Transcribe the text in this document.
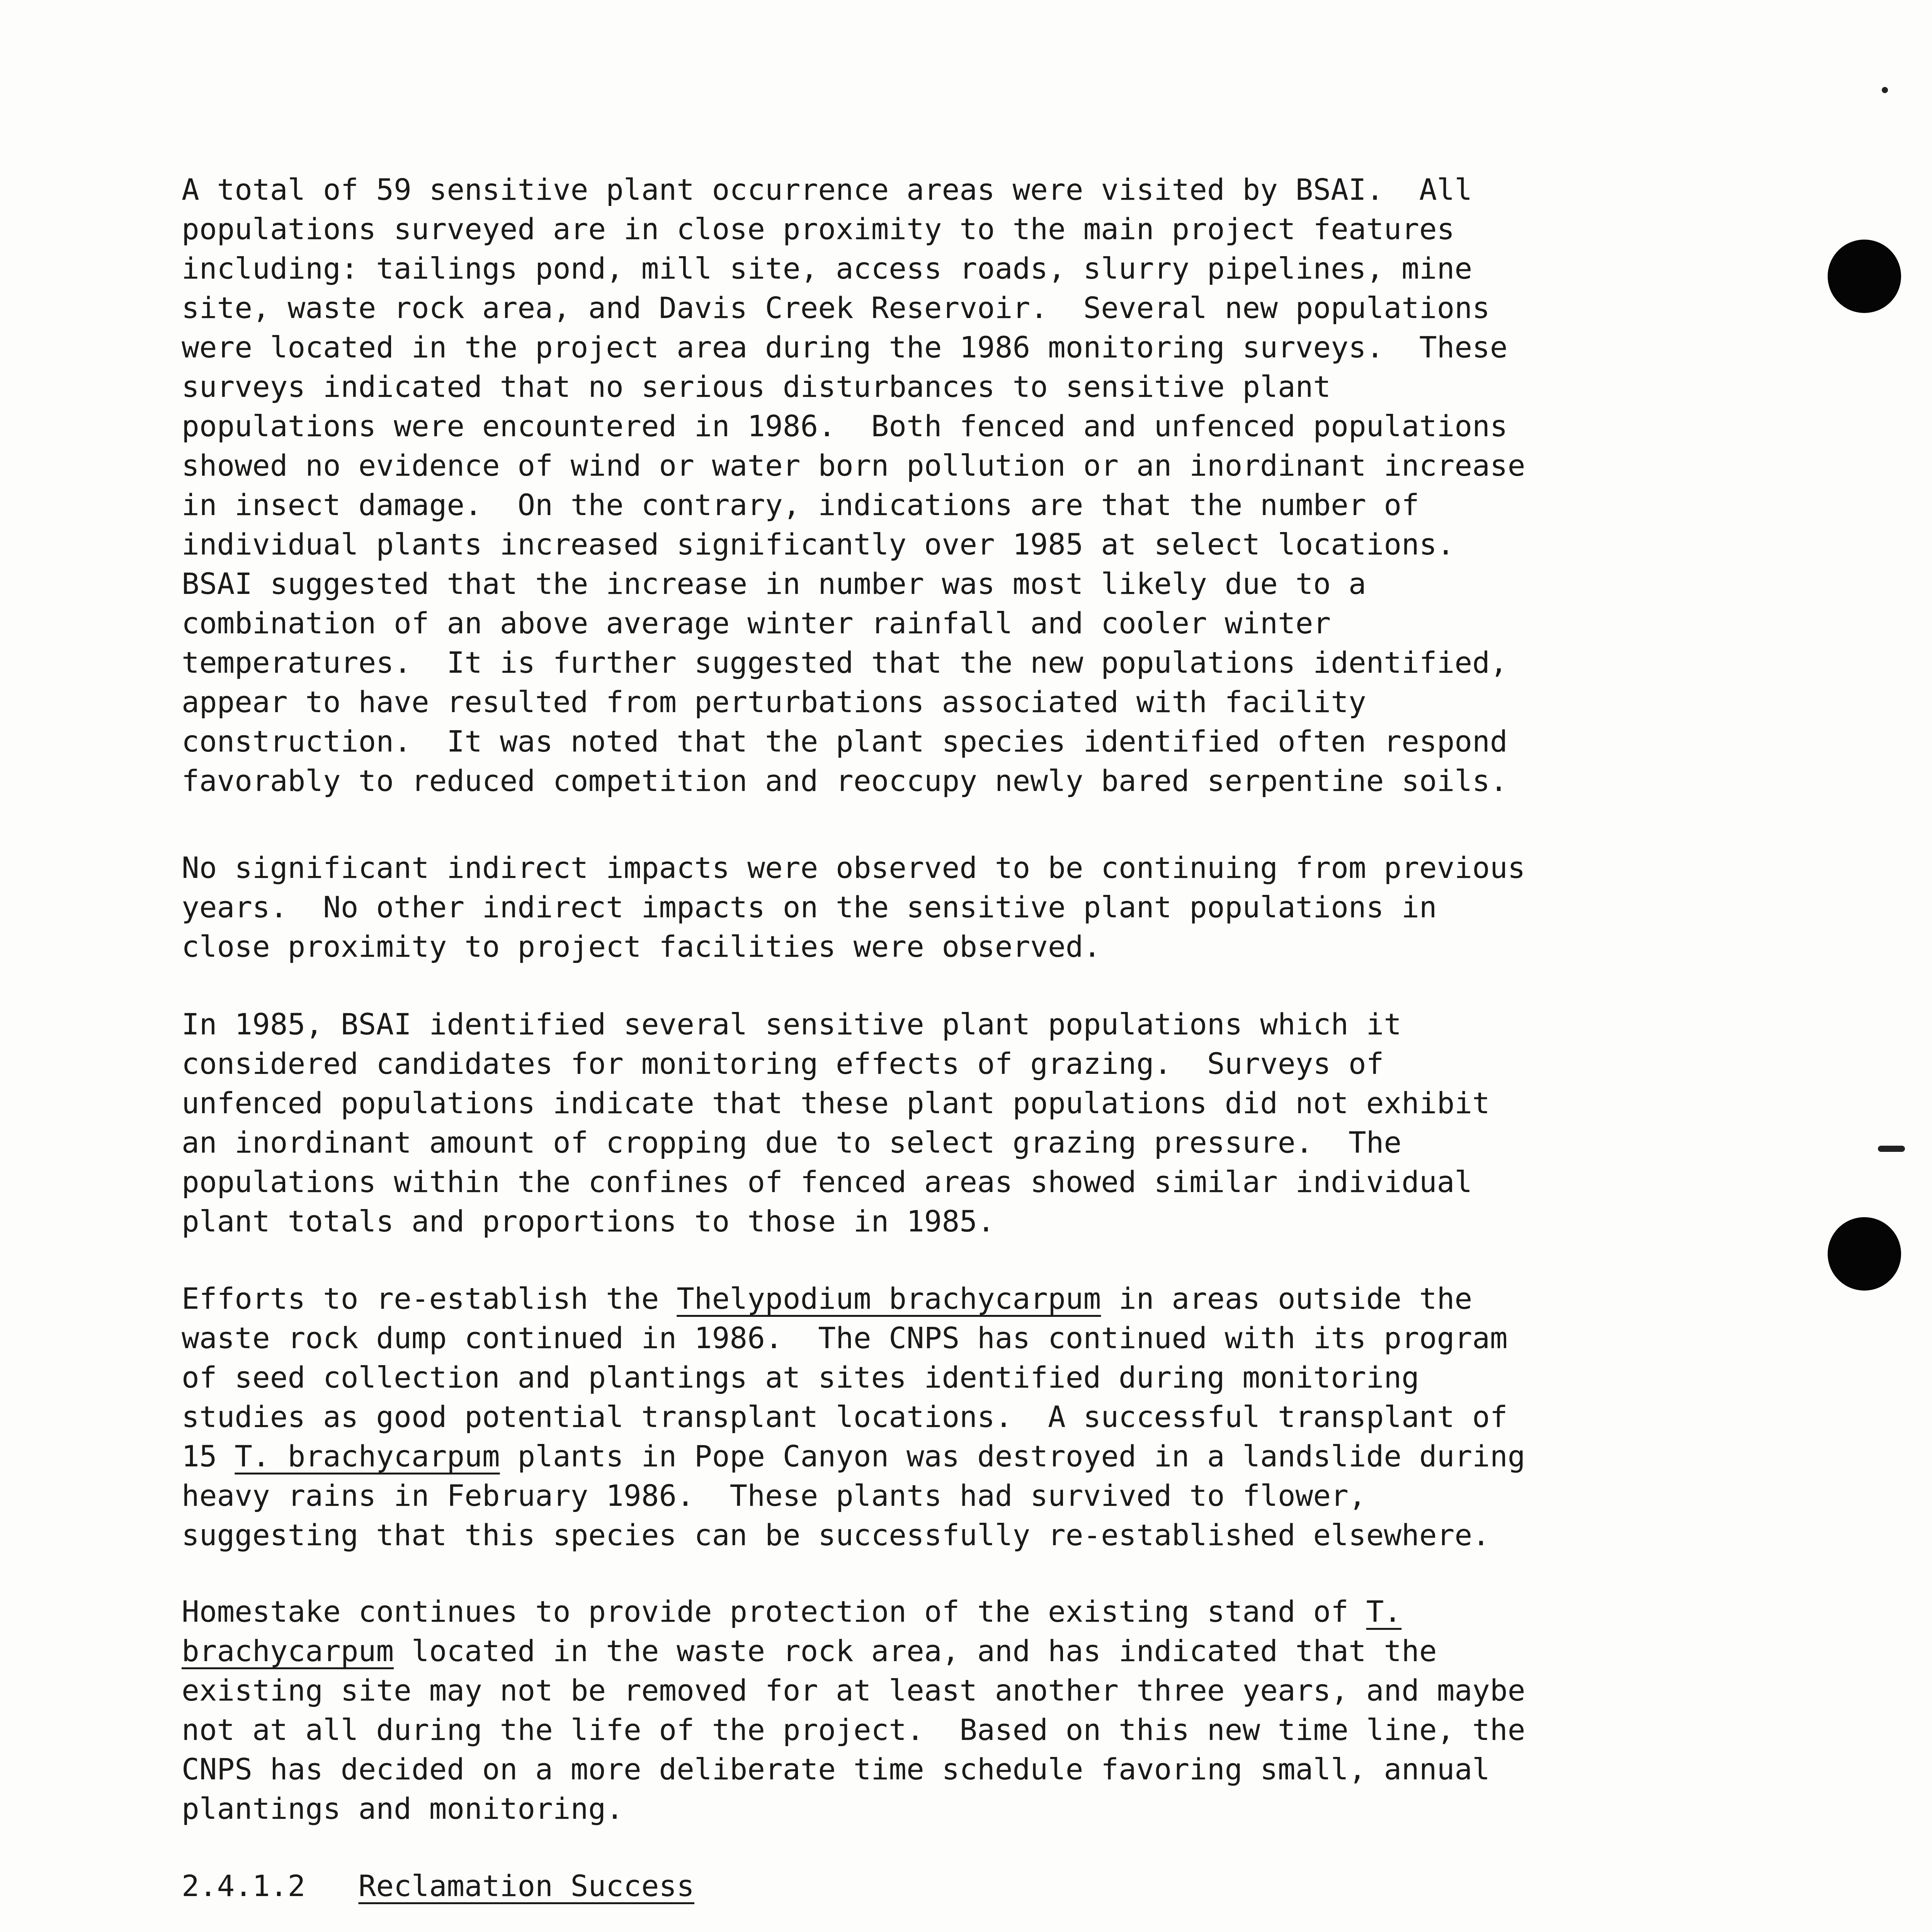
A total of 59 sensitive plant occurrence areas were visited by BSAI.  All
populations surveyed are in close proximity to the main project features
including: tailings pond, mill site, access roads, slurry pipelines, mine
site, waste rock area, and Davis Creek Reservoir.  Several new populations
were located in the project area during the 1986 monitoring surveys.  These
surveys indicated that no serious disturbances to sensitive plant
populations were encountered in 1986.  Both fenced and unfenced populations
showed no evidence of wind or water born pollution or an inordinant increase
in insect damage.  On the contrary, indications are that the number of
individual plants increased significantly over 1985 at select locations.
BSAI suggested that the increase in number was most likely due to a
combination of an above average winter rainfall and cooler winter
temperatures.  It is further suggested that the new populations identified,
appear to have resulted from perturbations associated with facility
construction.  It was noted that the plant species identified often respond
favorably to reduced competition and reoccupy newly bared serpentine soils.

No significant indirect impacts were observed to be continuing from previous
years.  No other indirect impacts on the sensitive plant populations in
close proximity to project facilities were observed.

In 1985, BSAI identified several sensitive plant populations which it
considered candidates for monitoring effects of grazing.  Surveys of
unfenced populations indicate that these plant populations did not exhibit
an inordinant amount of cropping due to select grazing pressure.  The
populations within the confines of fenced areas showed similar individual
plant totals and proportions to those in 1985.

Efforts to re-establish the Thelypodium brachycarpum in areas outside the
waste rock dump continued in 1986.  The CNPS has continued with its program
of seed collection and plantings at sites identified during monitoring
studies as good potential transplant locations.  A successful transplant of
15 T. brachycarpum plants in Pope Canyon was destroyed in a landslide during
heavy rains in February 1986.  These plants had survived to flower,
suggesting that this species can be successfully re-established elsewhere.

Homestake continues to provide protection of the existing stand of T.
brachycarpum located in the waste rock area, and has indicated that the
existing site may not be removed for at least another three years, and maybe
not at all during the life of the project.  Based on this new time line, the
CNPS has decided on a more deliberate time schedule favoring small, annual
plantings and monitoring.

2.4.1.2 Reclamation Success
